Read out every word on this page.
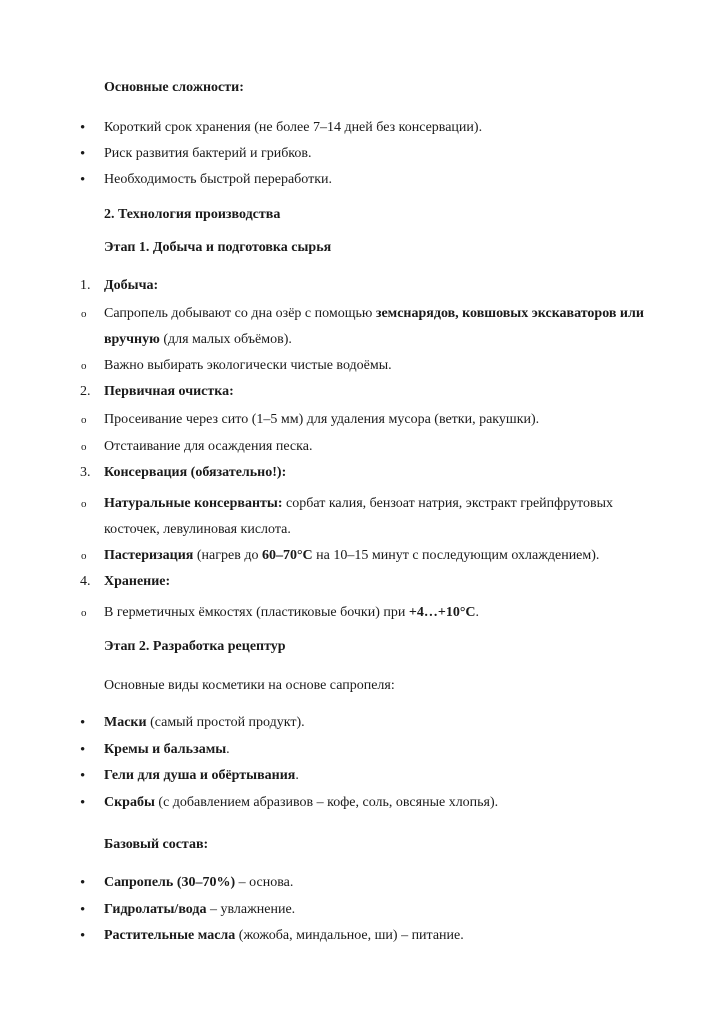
Основные сложности:
• Короткий срок хранения (не более 7–14 дней без консервации).
• Риск развития бактерий и грибков.
• Необходимость быстрой переработки.
2. Технология производства
Этап 1. Добыча и подготовка сырья
1. Добыча:
o Сапропель добывают со дна озёр с помощью земснарядов, ковшовых экскаваторов или
вручную (для малых объёмов).
o Важно выбирать экологически чистые водоёмы.
2. Первичная очистка:
o Просеивание через сито (1–5 мм) для удаления мусора (ветки, ракушки).
o Отстаивание для осаждения песка.
3. Консервация (обязательно!):
o Натуральные консерванты: сорбат калия, бензоат натрия, экстракт грейпфрутовых
косточек, левулиновая кислота.
o Пастеризация (нагрев до 60–70°C на 10–15 минут с последующим охлаждением).
4. Хранение:
o В герметичных ёмкостях (пластиковые бочки) при +4…+10°C.
Этап 2. Разработка рецептур
Основные виды косметики на основе сапропеля:
• Маски (самый простой продукт).
• Кремы и бальзамы.
• Гели для душа и обёртывания.
• Скрабы (с добавлением абразивов – кофе, соль, овсяные хлопья).
Базовый состав:
• Сапропель (30–70%) – основа.
• Гидролаты/вода – увлажнение.
• Растительные масла (жожоба, миндальное, ши) – питание.
